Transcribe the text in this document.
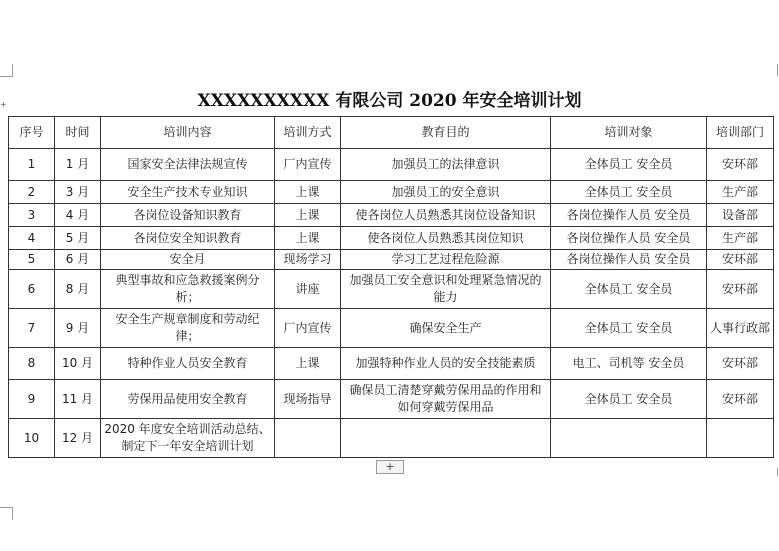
+	XXXXXXXXXX 有限公司 2020 年安全培训计划
序号	时间	培训内容	培训方式	教育目的	培训对象	培训部门
1	1 月	国家安全法律法规宣传	厂内宣传	加强员工的法律意识	全体员工 安全员	安环部
2	3 月	安全生产技术专业知识	上课	加强员工的安全意识	全体员工 安全员	生产部
3	4 月	各岗位设备知识教育	上课	使各岗位人员熟悉其岗位设备知识	各岗位操作人员 安全员	设备部
4	5 月	各岗位安全知识教育	上课	使各岗位人员熟悉其岗位知识	各岗位操作人员 安全员	生产部
5	6 月	安全月	现场学习	学习工艺过程危险源	各岗位操作人员 安全员	安环部
6	8 月	典型事故和应急救援案例分析；	讲座	加强员工安全意识和处理紧急情况的能力	全体员工 安全员	安环部
7	9 月	安全生产规章制度和劳动纪律；	厂内宣传	确保安全生产	全体员工 安全员	人事行政部
8	10 月	特种作业人员安全教育	上课	加强特种作业人员的安全技能素质	电工、司机等 安全员	安环部
9	11 月	劳保用品使用安全教育	现场指导	确保员工清楚穿戴劳保用品的作用和如何穿戴劳保用品	全体员工 安全员	安环部
10	12 月	2020 年度安全培训活动总结、制定下一年安全培训计划				
+
